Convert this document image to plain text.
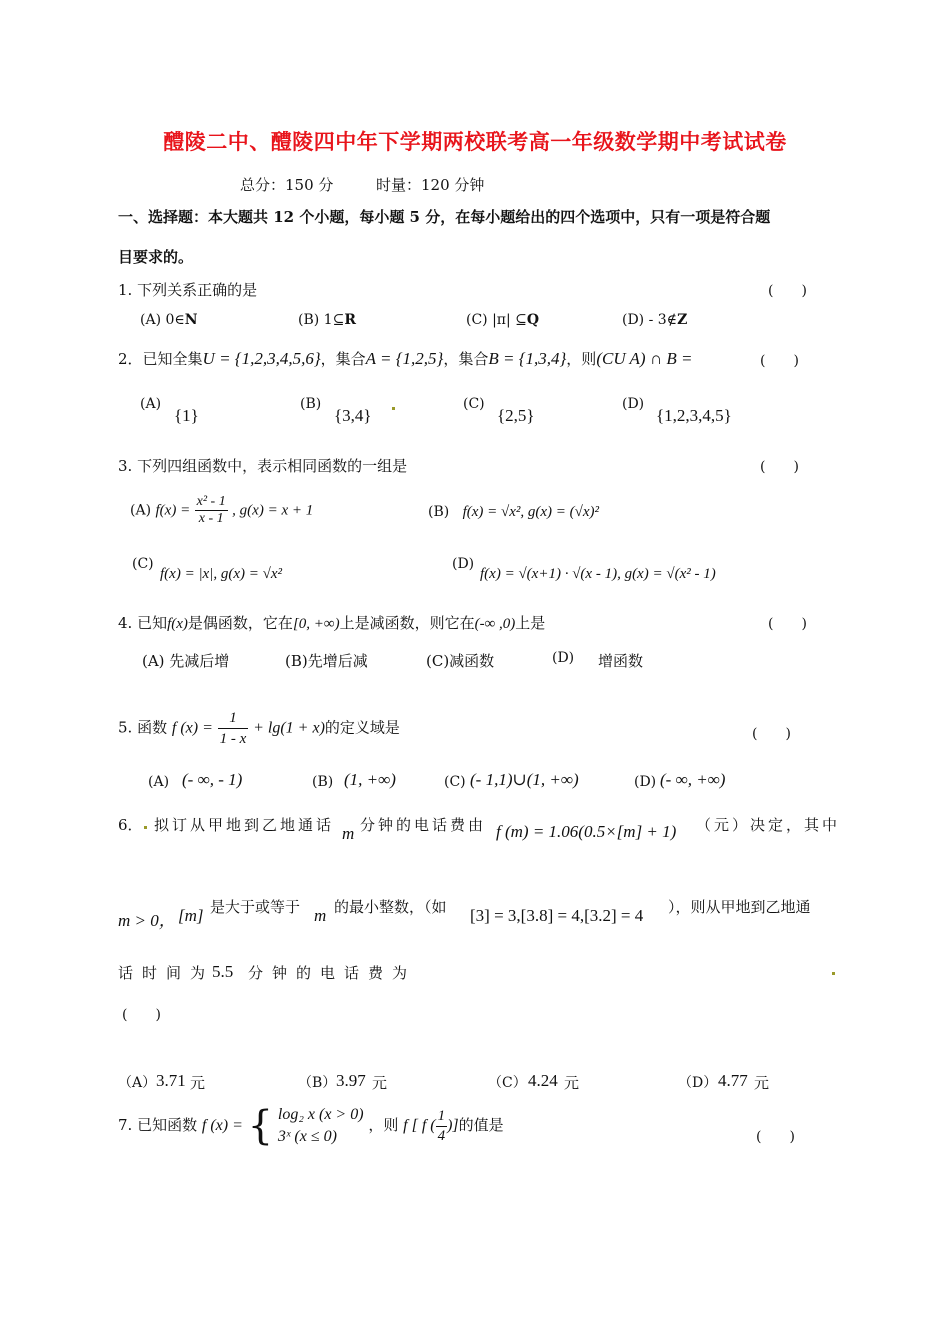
醴陵二中、醴陵四中年下学期两校联考高一年级数学期中考试试卷
总分：150 分	时量：120 分钟
一、选择题：本大题共 12 个小题，每小题 5 分，在每小题给出的四个选项中，只有一项是符合题
目要求的。
1. 下列关系正确的是	(　　)
(A) 0∈N	(B) 1⊆R	(C) |π| ⊆Q	(D) - 3∉Z
2．已知全集U = {1,2,3,4,5,6}，集合A = {1,2,5}，集合B = {1,3,4}，则(CU A) ∩ B =	(　　)
(A)
{1}
(B)
{3,4}
(C)
{2,5}
(D)
{1,2,3,4,5}
3. 下列四组函数中，表示相同函数的一组是	(　　)
(A) $f(x) = \frac{\text{x² - 1}}{x - 1}$ , g(x) = x + 1	(B) f(x) = √x², g(x) = (√x)²
(C)
f(x) = |x|, g(x) = √x²
(D)
f(x) = √(x+1) · √(x - 1), g(x) = √(x² - 1)
4. 已知f(x)是偶函数，它在[0, +∞)上是减函数，则它在(-∞ ,0)上是	(　　)
(A) 先减后增	(B)先增后减	(C)减函数	(D) 增函数
5. 函数 f $(x) = \frac{1}{1 - x} + \lg(1 + x)$的定义域是	(　　)
(A) (- ∞, - 1)	(B) (1, +∞)	(C) (- 1,1)∪(1, +∞)	(D) (- ∞, +∞)
6． 拟订从甲地到乙地通话 m 分钟的电话费由 f (m) = 1.06(0.5×[m] + 1) （元）决定，其中
m > 0， [m] 是大于或等于 m 的最小整数，（如 [3] = 3,[3.8] = 4,[3.2] = 4 ），则从甲地到乙地通
话时间为
5.5 分钟的电话费为
(　　)
（A） 3.71 元	（B） 3.97 元	（C） 4.24 元	（D） 4.77 元
7. 已知函数 f (x) = { log₂ x (x > 0)
3ˣ (x ≤ 0)
，则 f [ f ( $\frac{1}{4}$ )]的值是
(　　)
